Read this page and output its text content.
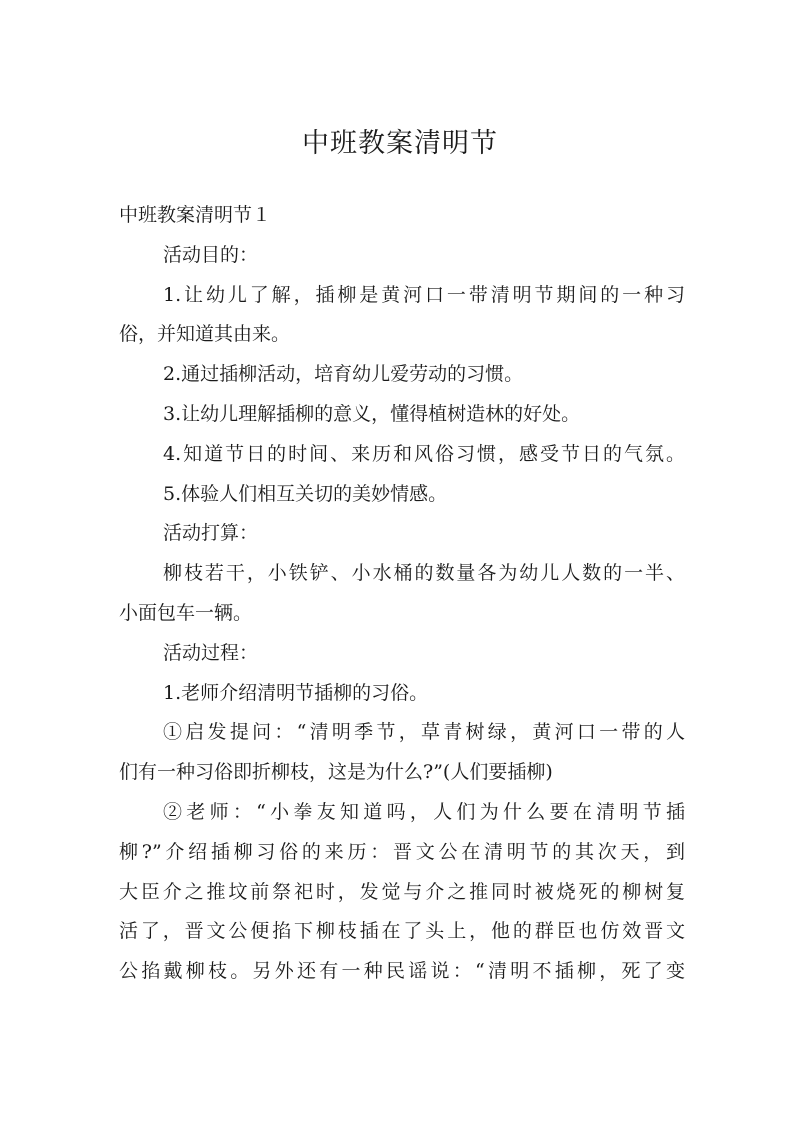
中班教案清明节
中班教案清明节１
活动目的：
1.让幼儿了解，插柳是黄河口一带清明节期间的一种习
俗，并知道其由来。
2.通过插柳活动，培育幼儿爱劳动的习惯。
3.让幼儿理解插柳的意义，懂得植树造林的好处。
4.知道节日的时间、来历和风俗习惯，感受节日的气氛。
5.体验人们相互关切的美妙情感。
活动打算：
柳枝若干，小铁铲、小水桶的数量各为幼儿人数的一半、
小面包车一辆。
活动过程：
1.老师介绍清明节插柳的习俗。
①启发提问：“清明季节，草青树绿，黄河口一带的人
们有一种习俗即折柳枝，这是为什么?”(人们要插柳)
②老师：“小拳友知道吗，人们为什么要在清明节插
柳?”介绍插柳习俗的来历：晋文公在清明节的其次天，到
大臣介之推坟前祭祀时，发觉与介之推同时被烧死的柳树复
活了，晋文公便掐下柳枝插在了头上，他的群臣也仿效晋文
公掐戴柳枝。另外还有一种民谣说：“清明不插柳，死了变
